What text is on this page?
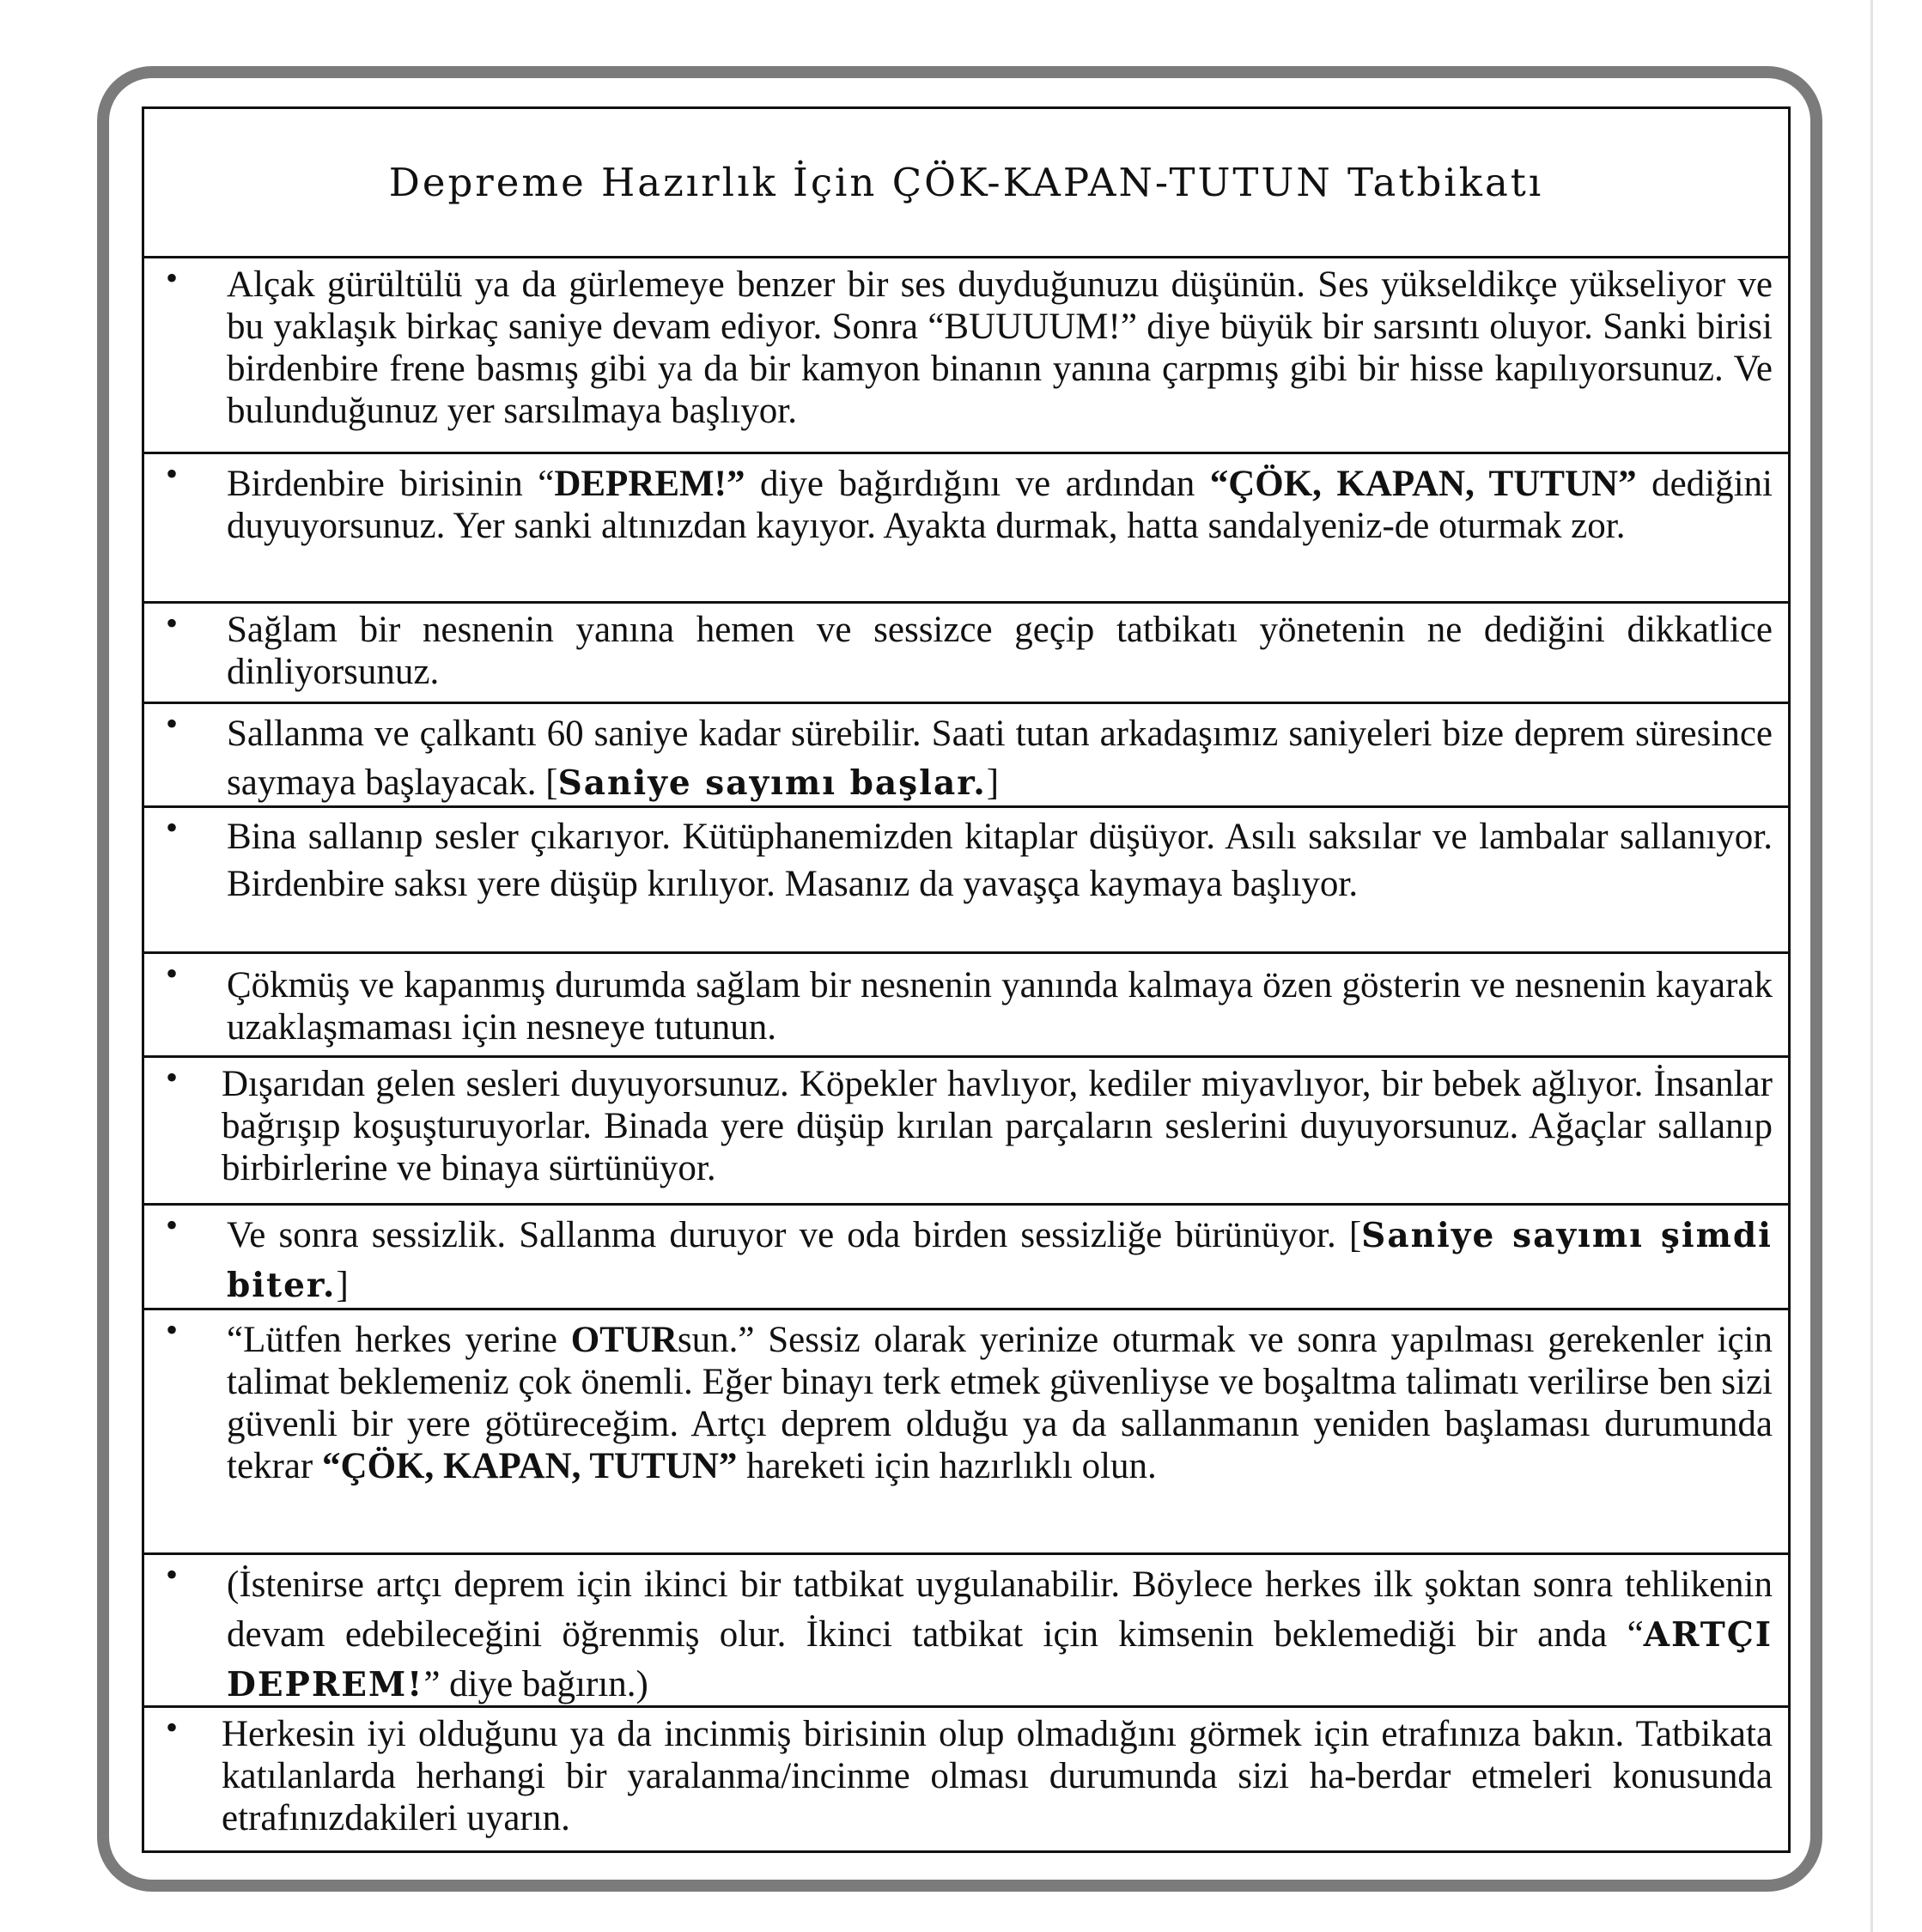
Depreme Hazırlık İçin ÇÖK-KAPAN-TUTUN Tatbikatı
• Alçak gürültülü ya da gürlemeye benzer bir ses duyduğunuzu düşünün. Ses yükseldikçe yükseliyor ve bu yaklaşık birkaç saniye devam ediyor. Sonra “BUUUUM!” diye büyük bir sarsıntı oluyor. Sanki birisi birdenbire frene basmış gibi ya da bir kamyon binanın yanına çarpmış gibi bir hisse kapılıyorsunuz. Ve bulunduğunuz yer sarsılmaya başlıyor.
• Birdenbire birisinin “DEPREM!” diye bağırdığını ve ardından “ÇÖK, KAPAN, TUTUN” dediğini duyuyorsunuz. Yer sanki altınızdan kayıyor. Ayakta durmak, hatta sandalyeniz-de oturmak zor.
• Sağlam bir nesnenin yanına hemen ve sessizce geçip tatbikatı yönetenin ne dediğini dikkatlice dinliyorsunuz.
• Sallanma ve çalkantı 60 saniye kadar sürebilir. Saati tutan arkadaşımız saniyeleri bize deprem süresince saymaya başlayacak. [Saniye sayımı başlar.]
• Bina sallanıp sesler çıkarıyor. Kütüphanemizden kitaplar düşüyor. Asılı saksılar ve lambalar sallanıyor. Birdenbire saksı yere düşüp kırılıyor. Masanız da yavaşça kaymaya başlıyor.
• Çökmüş ve kapanmış durumda sağlam bir nesnenin yanında kalmaya özen gösterin ve nesnenin kayarak uzaklaşmaması için nesneye tutunun.
• Dışarıdan gelen sesleri duyuyorsunuz. Köpekler havlıyor, kediler miyavlıyor, bir bebek ağlıyor. İnsanlar bağrışıp koşuşturuyorlar. Binada yere düşüp kırılan parçaların seslerini duyuyorsunuz. Ağaçlar sallanıp birbirlerine ve binaya sürtünüyor.
• Ve sonra sessizlik. Sallanma duruyor ve oda birden sessizliğe bürünüyor. [Saniye sayımı şimdi biter.]
• “Lütfen herkes yerine OTURsun.” Sessiz olarak yerinize oturmak ve sonra yapılması gerekenler için talimat beklemeniz çok önemli. Eğer binayı terk etmek güvenliyse ve boşaltma talimatı verilirse ben sizi güvenli bir yere götüreceğim. Artçı deprem olduğu ya da sallanmanın yeniden başlaması durumunda tekrar “ÇÖK, KAPAN, TUTUN” hareketi için hazırlıklı olun.
• (İstenirse artçı deprem için ikinci bir tatbikat uygulanabilir. Böylece herkes ilk şoktan sonra tehlikenin devam edebileceğini öğrenmiş olur. İkinci tatbikat için kimsenin beklemediği bir anda “ARTÇI DEPREM!” diye bağırın.)
• Herkesin iyi olduğunu ya da incinmiş birisinin olup olmadığını görmek için etrafınıza bakın. Tatbikata katılanlarda herhangi bir yaralanma/incinme olması durumunda sizi ha-berdar etmeleri konusunda etrafınızdakileri uyarın.
